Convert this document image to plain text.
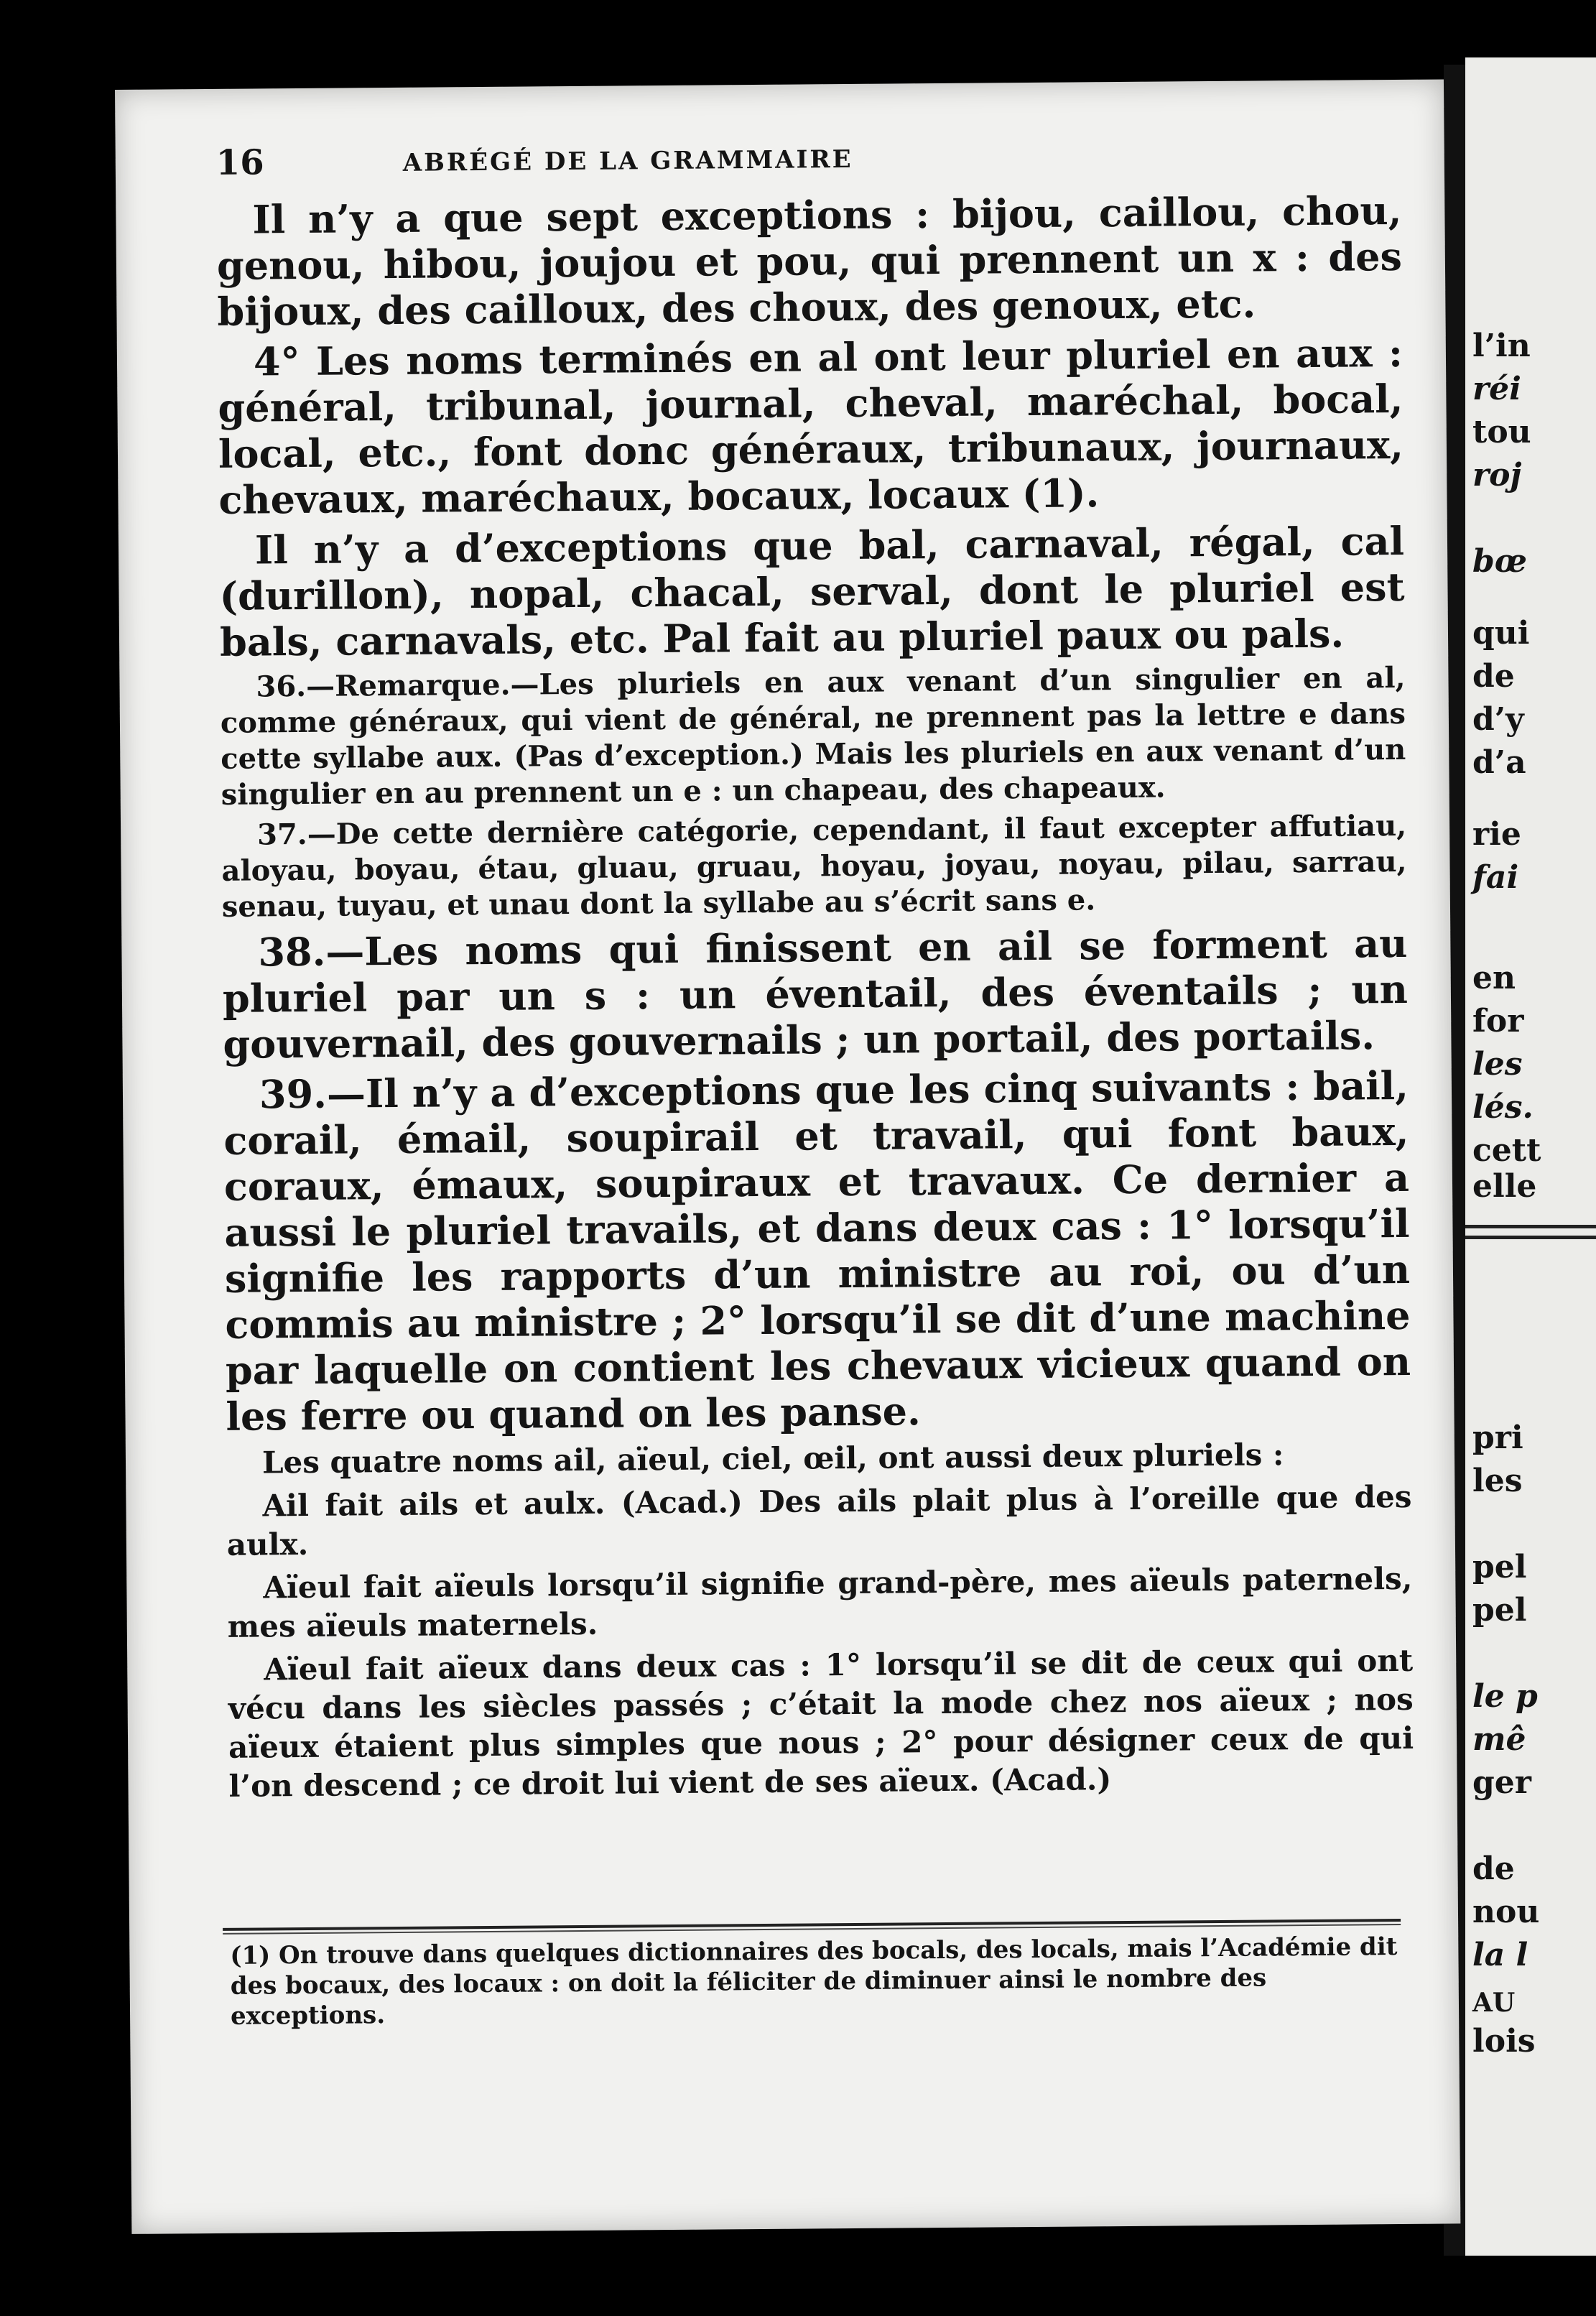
16	ABRÉGÉ DE LA GRAMMAIRE

Il n’y a que sept exceptions : bijou, caillou, chou, genou, hibou, joujou et pou, qui prennent un x : des bijoux, des cailloux, des choux, des genoux, etc.

4° Les noms terminés en al ont leur pluriel en aux : général, tribunal, journal, cheval, maréchal, bocal, local, etc., font donc généraux, tribunaux, journaux, chevaux, maréchaux, bocaux, locaux (1).

Il n’y a d’exceptions que bal, carnaval, régal, cal (durillon), nopal, chacal, serval, dont le pluriel est bals, carnavals, etc. Pal fait au pluriel paux ou pals.

36.—Remarque.—Les pluriels en aux venant d’un singulier en al, comme généraux, qui vient de général, ne prennent pas la lettre e dans cette syllabe aux. (Pas d’exception.) Mais les pluriels en aux venant d’un singulier en au prennent un e : un chapeau, des chapeaux.

37.—De cette dernière catégorie, cependant, il faut excepter affutiau, aloyau, boyau, étau, gluau, gruau, hoyau, joyau, noyau, pilau, sarrau, senau, tuyau, et unau dont la syllabe au s’écrit sans e.

38.—Les noms qui finissent en ail se forment au pluriel par un s : un éventail, des éventails ; un gouvernail, des gouvernails ; un portail, des portails.

39.—Il n’y a d’exceptions que les cinq suivants : bail, corail, émail, soupirail et travail, qui font baux, coraux, émaux, soupiraux et travaux. Ce dernier a aussi le pluriel travails, et dans deux cas : 1° lorsqu’il signifie les rapports d’un ministre au roi, ou d’un commis au ministre ; 2° lorsqu’il se dit d’une machine par laquelle on contient les chevaux vicieux quand on les ferre ou quand on les panse.

Les quatre noms ail, aïeul, ciel, œil, ont aussi deux pluriels :

Ail fait ails et aulx. (Acad.) Des ails plait plus à l’oreille que des aulx.

Aïeul fait aïeuls lorsqu’il signifie grand-père, mes aïeuls paternels, mes aïeuls maternels.

Aïeul fait aïeux dans deux cas : 1° lorsqu’il se dit de ceux qui ont vécu dans les siècles passés ; c’était la mode chez nos aïeux ; nos aïeux étaient plus simples que nous ; 2° pour désigner ceux de qui l’on descend ; ce droit lui vient de ses aïeux. (Acad.)

(1) On trouve dans quelques dictionnaires des bocals, des locals, mais l’Académie dit des bocaux, des locaux : on doit la féliciter de diminuer ainsi le nombre des exceptions.
l’in
réi
tou
roj
bœ
qui
de
d’y
d’a
rie
fai
en
for
les
lés.
cett
elle
pri
les
pel
pel
le p
mê
ger
de
nou
la l
AU
lois
